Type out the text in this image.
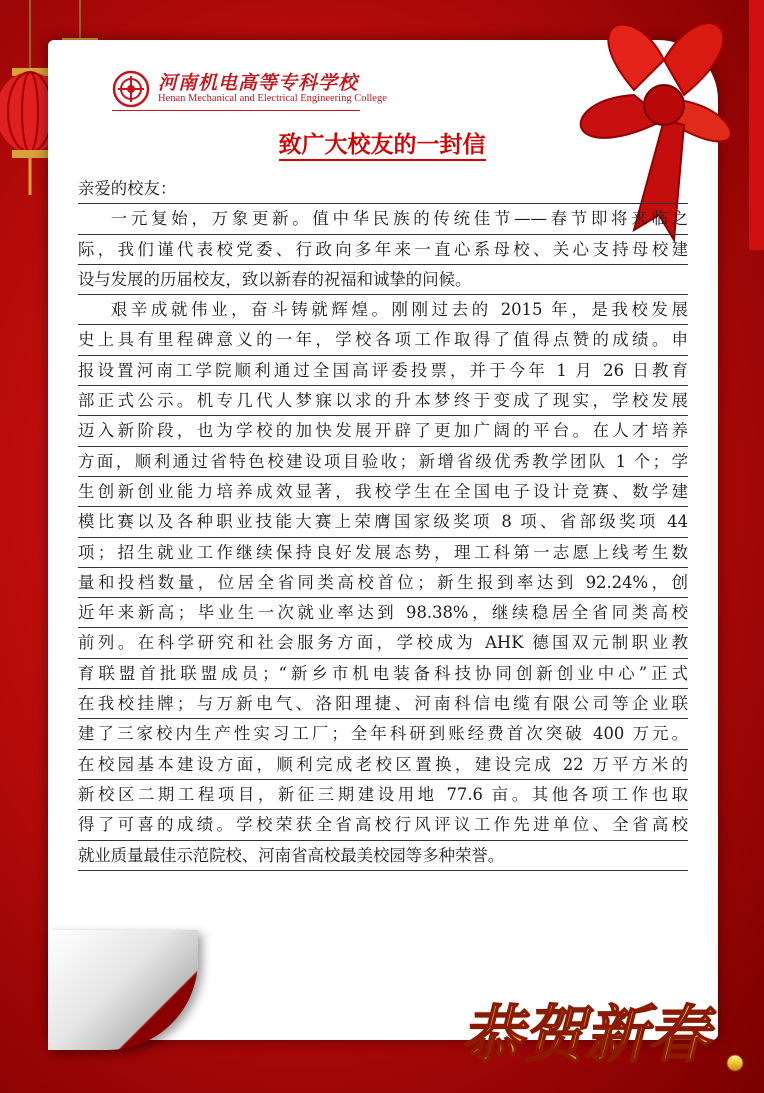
河南机电高等专科学校
Henan Mechanical and Electrical Engineering College
致广大校友的一封信
亲爱的校友：
一元复始，万象更新。值中华民族的传统佳节——春节即将来临之
际，我们谨代表校党委、行政向多年来一直心系母校、关心支持母校建
设与发展的历届校友，致以新春的祝福和诚挚的问候。
艰辛成就伟业，奋斗铸就辉煌。刚刚过去的 2015 年，是我校发展
史上具有里程碑意义的一年，学校各项工作取得了值得点赞的成绩。申
报设置河南工学院顺利通过全国高评委投票，并于今年 1 月 26 日教育
部正式公示。机专几代人梦寐以求的升本梦终于变成了现实，学校发展
迈入新阶段，也为学校的加快发展开辟了更加广阔的平台。在人才培养
方面，顺利通过省特色校建设项目验收；新增省级优秀教学团队 1 个；学
生创新创业能力培养成效显著，我校学生在全国电子设计竞赛、数学建
模比赛以及各种职业技能大赛上荣膺国家级奖项 8 项、省部级奖项 44
项；招生就业工作继续保持良好发展态势，理工科第一志愿上线考生数
量和投档数量，位居全省同类高校首位；新生报到率达到 92.24%，创
近年来新高；毕业生一次就业率达到 98.38%，继续稳居全省同类高校
前列。在科学研究和社会服务方面，学校成为 AHK 德国双元制职业教
育联盟首批联盟成员；“新乡市机电装备科技协同创新创业中心”正式
在我校挂牌；与万新电气、洛阳理捷、河南科信电缆有限公司等企业联
建了三家校内生产性实习工厂；全年科研到账经费首次突破 400 万元。
在校园基本建设方面，顺利完成老校区置换，建设完成 22 万平方米的
新校区二期工程项目，新征三期建设用地 77.6 亩。其他各项工作也取
得了可喜的成绩。学校荣获全省高校行风评议工作先进单位、全省高校
就业质量最佳示范院校、河南省高校最美校园等多种荣誉。
恭贺新春
